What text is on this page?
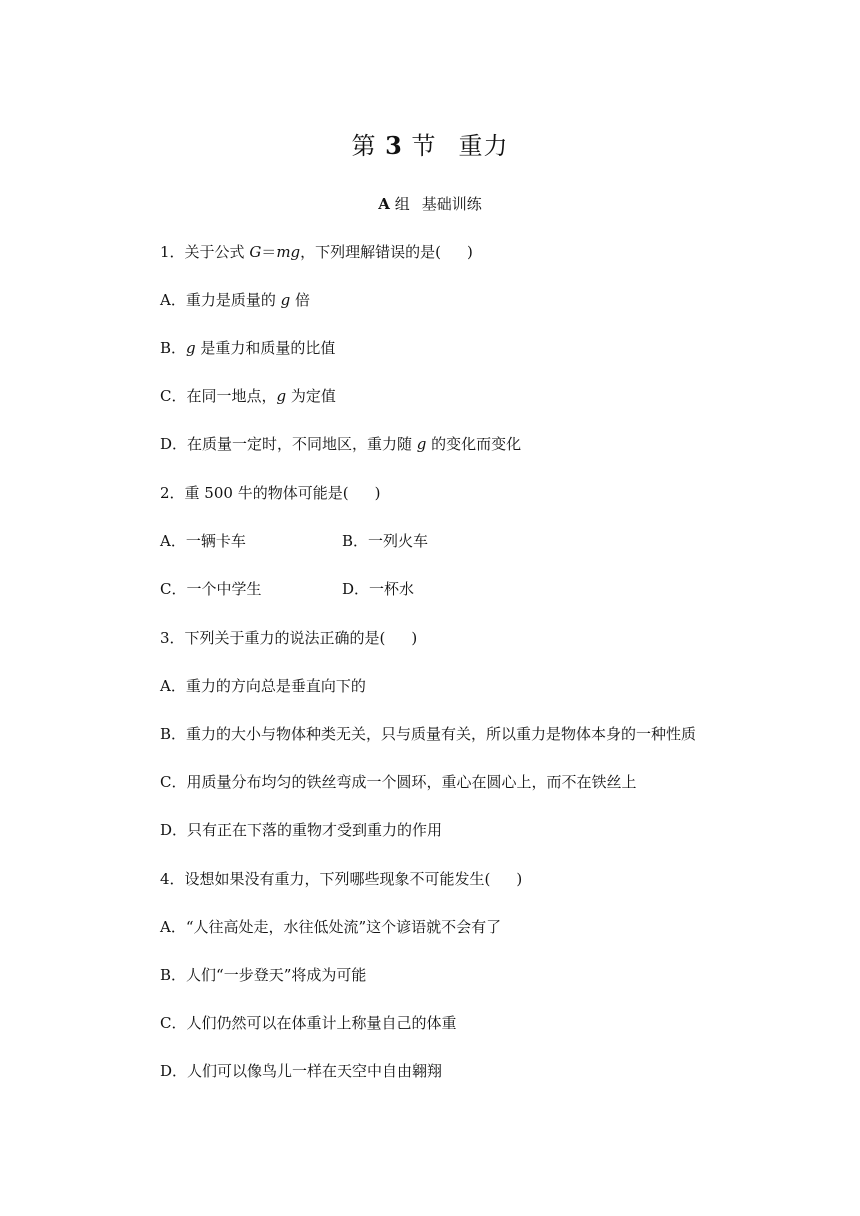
第 3 节 重力
A 组 基础训练
1．关于公式 G＝mg，下列理解错误的是( )
A．重力是质量的 g 倍
B．g 是重力和质量的比值
C．在同一地点，g 为定值
D．在质量一定时，不同地区，重力随 g 的变化而变化
2．重 500 牛的物体可能是( )
A．一辆卡车	B．一列火车
C．一个中学生	D．一杯水
3．下列关于重力的说法正确的是( )
A．重力的方向总是垂直向下的
B．重力的大小与物体种类无关，只与质量有关，所以重力是物体本身的一种性质
C．用质量分布均匀的铁丝弯成一个圆环，重心在圆心上，而不在铁丝上
D．只有正在下落的重物才受到重力的作用
4．设想如果没有重力，下列哪些现象不可能发生( )
A．“人往高处走，水往低处流”这个谚语就不会有了
B．人们“一步登天”将成为可能
C．人们仍然可以在体重计上称量自己的体重
D．人们可以像鸟儿一样在天空中自由翱翔
